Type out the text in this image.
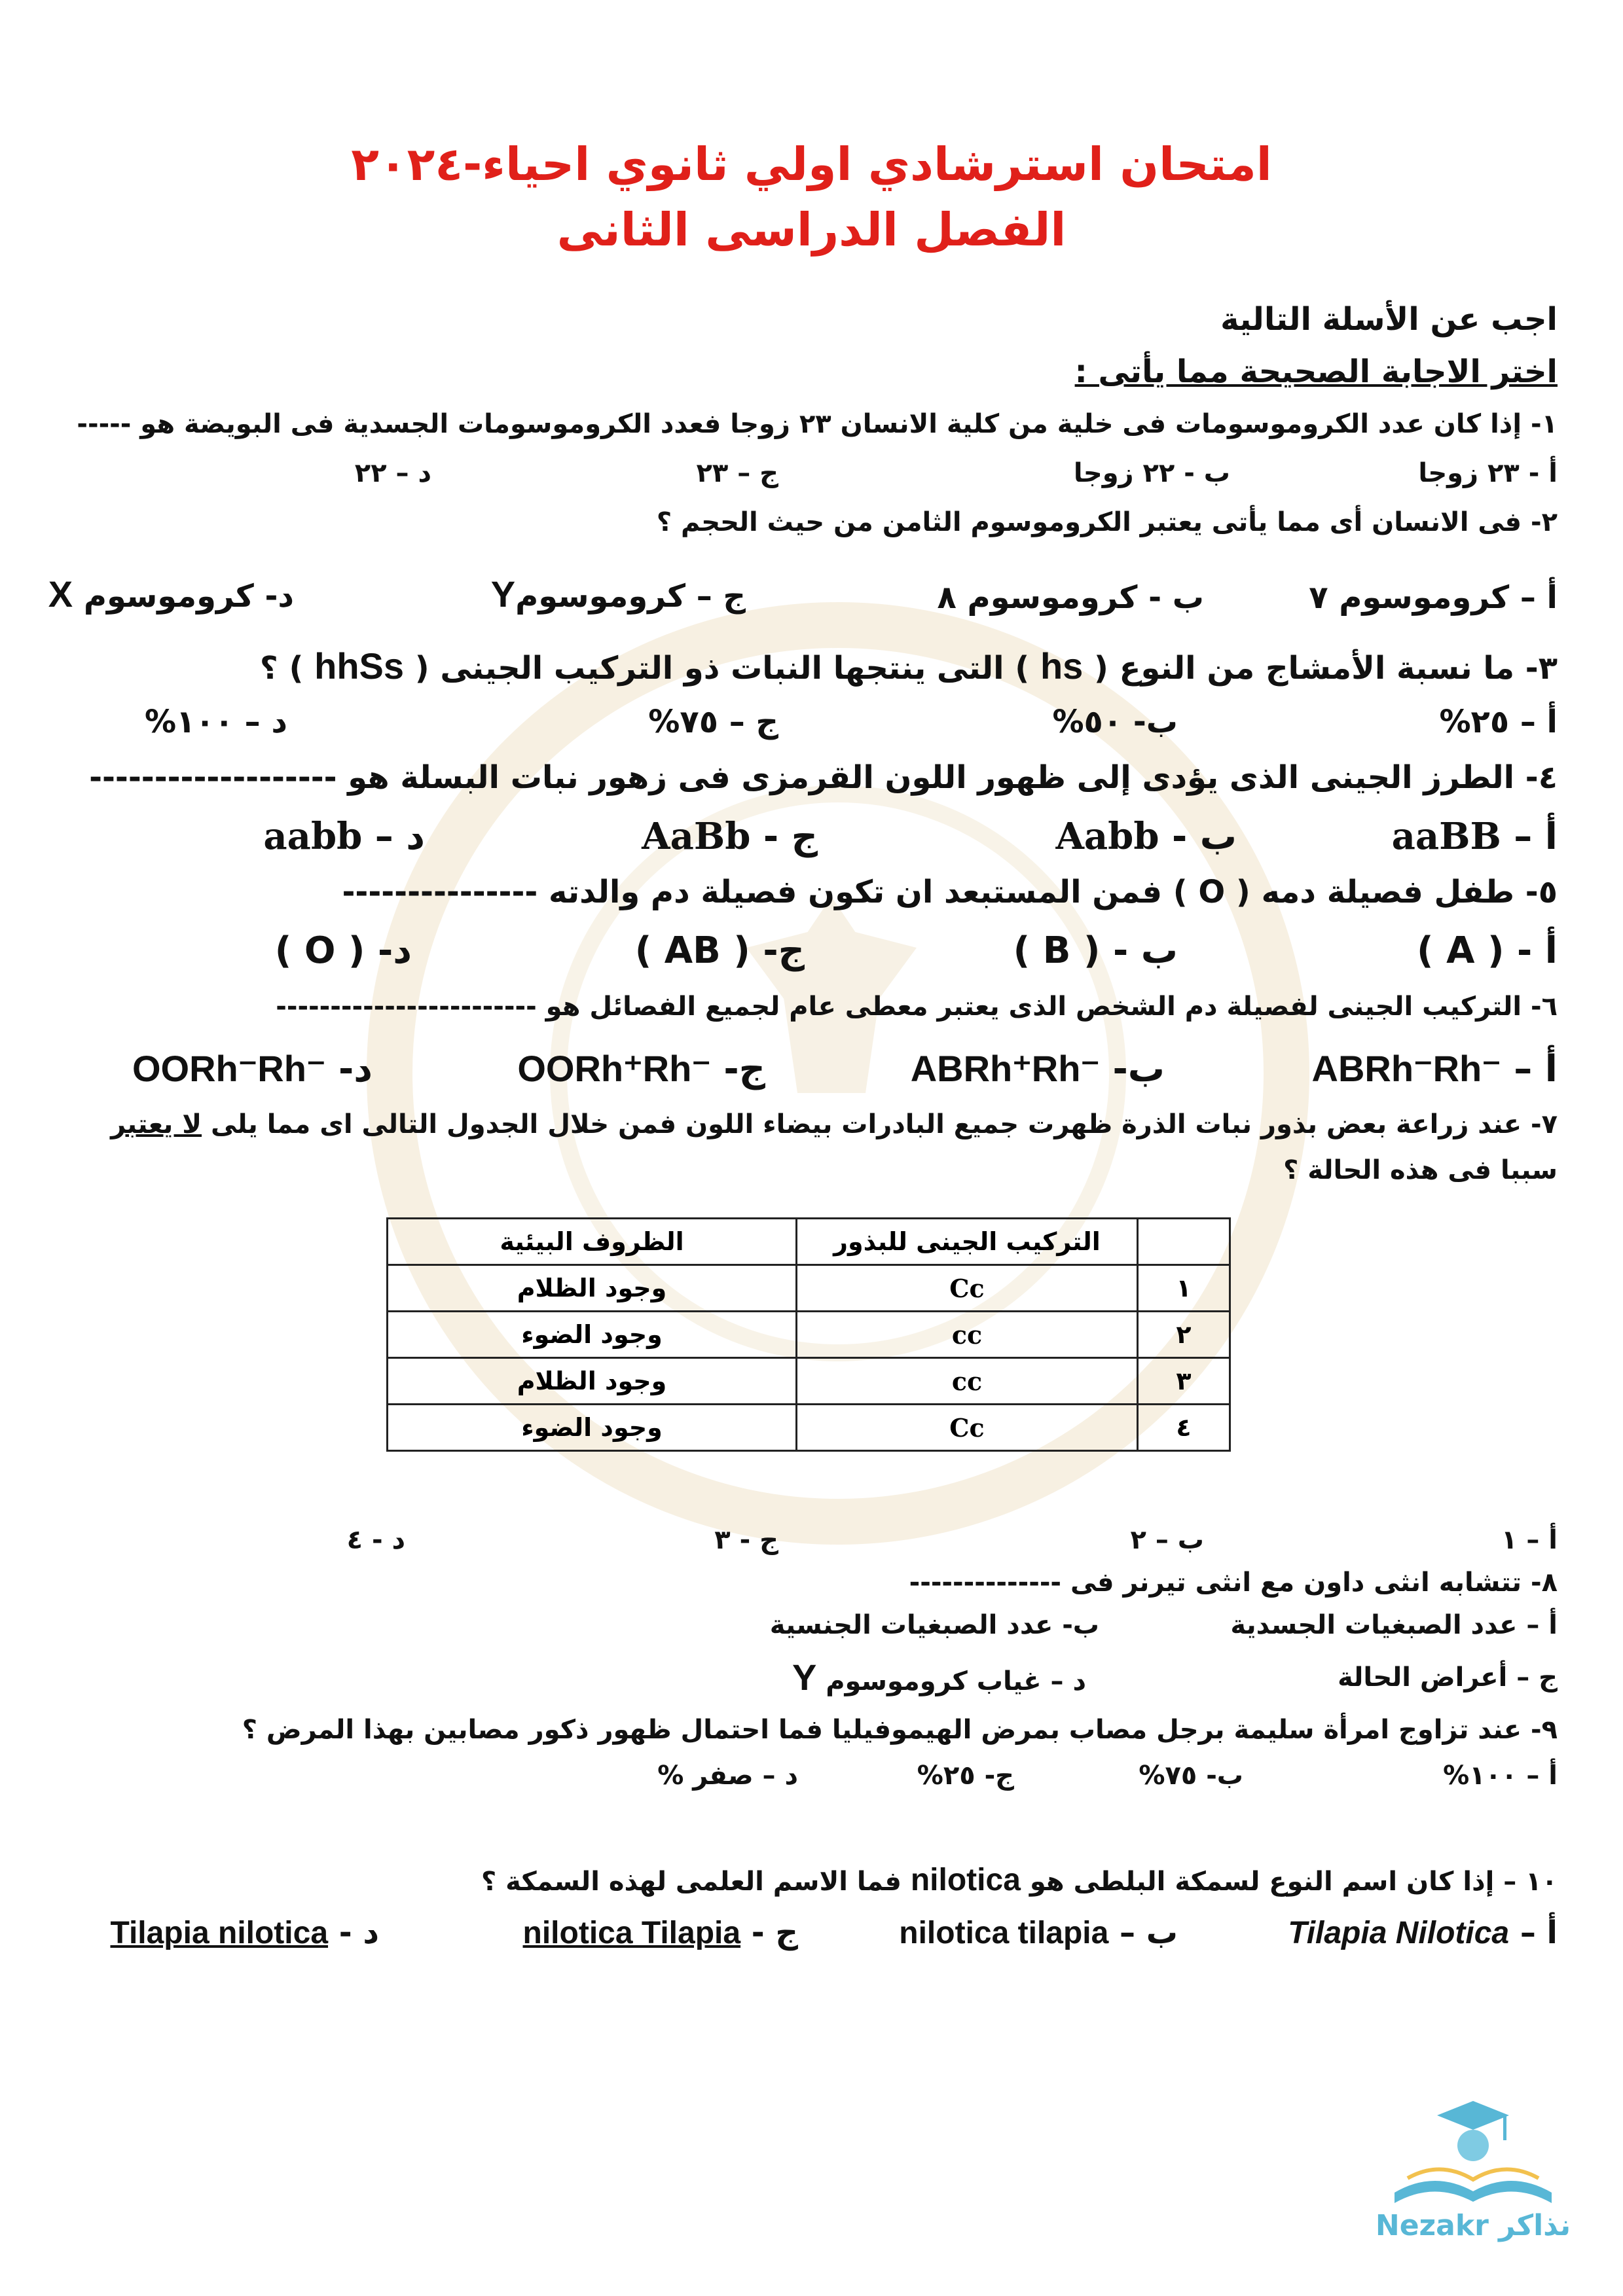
امتحان استرشادي اولي ثانوي احياء-٢٠٢٤
الفصل الدراسى الثانى
اجب عن الأسلة التالية
اختر الاجابة الصحيحة مما يأتى :
١- إذا كان عدد الكروموسومات فى خلية من كلية الانسان ٢٣ زوجا فعدد الكروموسومات الجسدية فى البويضة هو -----
أ - ٢٣ زوجا
ب - ٢٢ زوجا
ج – ٢٣
د – ٢٢
٢- فى الانسان أى مما يأتى يعتبر الكروموسوم الثامن من حيث الحجم ؟
أ – كروموسوم ٧
ب - كروموسوم ٨
ج – كروموسومY
د- كروموسوم X
٣- ما نسبة الأمشاج من النوع ( hs ) التى ينتجها النبات ذو التركيب الجينى ( hhSs ) ؟
أ – ٢٥%
ب- ٥٠%
ج – ٧٥%
د – ١٠٠%
٤- الطرز الجينى الذى يؤدى إلى ظهور اللون القرمزى فى زهور نبات البسلة هو -------------------
أ – aaBB
ب - Aabb
ج - AaBb
د – aabb
٥- طفل فصيلة دمه ( O ) فمن المستبعد ان تكون فصيلة دم والدته ---------------
أ - ( A )
ب - ( B )
ج- ( AB )
د- ( O )
٦- التركيب الجينى لفصيلة دم الشخص الذى يعتبر معطى عام لجميع الفصائل هو ------------------------
أ – ABRh⁻Rh⁻
ب- ABRh⁺Rh⁻
ج- OORh⁺Rh⁻
د- OORh⁻Rh⁻
٧- عند زراعة بعض بذور نبات الذرة ظهرت جميع البادرات بيضاء اللون فمن خلال الجدول التالى اى مما يلى لا يعتبر
سببا فى هذه الحالة ؟
	التركيب الجينى للبذور	الظروف البيئية
١	Cc	وجود الظلام
٢	cc	وجود الضوء
٣	cc	وجود الظلام
٤	Cc	وجود الضوء
أ – ١
ب – ٢
ج - ٣
د - ٤
٨- تتشابه انثى داون مع انثى تيرنر فى --------------
أ – عدد الصبغيات الجسدية
ب- عدد الصبغيات الجنسية
ج – أعراض الحالة
د – غياب كروموسوم Y
٩- عند تزاوج امرأة سليمة برجل مصاب بمرض الهيموفيليا فما احتمال ظهور ذكور مصابين بهذا المرض ؟
أ – ١٠٠%
ب- ٧٥%
ج- ٢٥%
د – صفر %
١٠ – إذا كان اسم النوع لسمكة البلطى هو nilotica فما الاسم العلمى لهذه السمكة ؟
أ – Tilapia Nilotica
ب – nilotica tilapia
ج - nilotica Tilapia
د - Tilapia nilotica
Nezakr نذاكر
